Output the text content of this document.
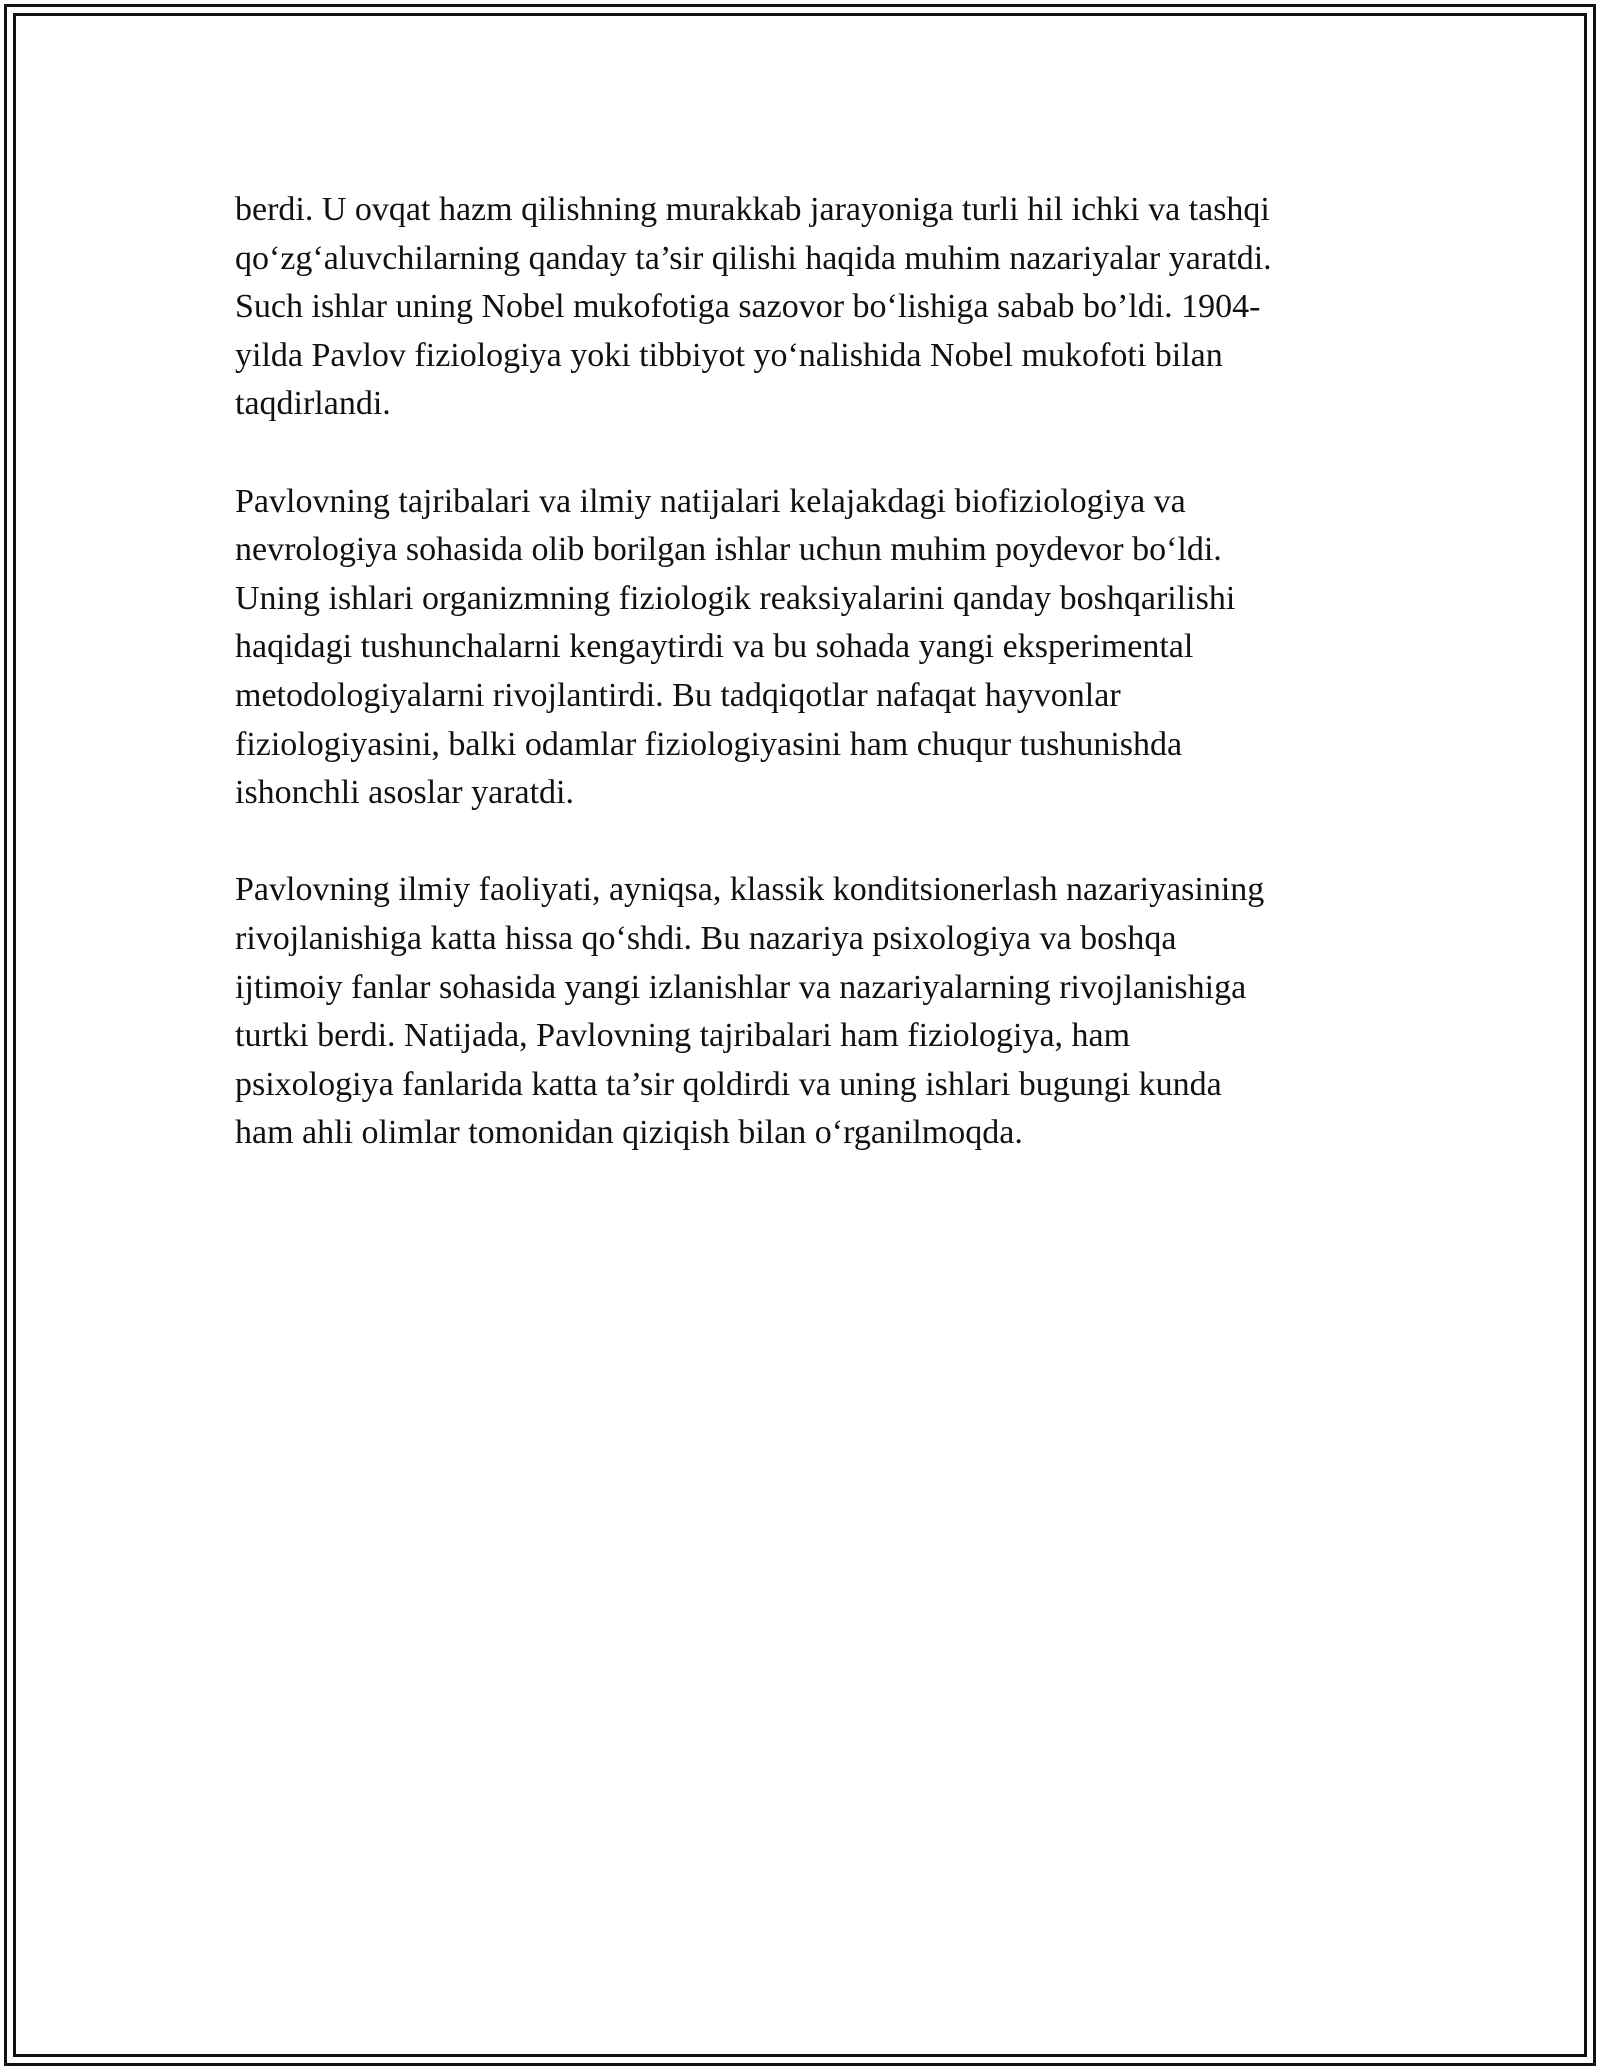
berdi. U ovqat hazm qilishning murakkab jarayoniga turli hil ichki va tashqi
qo‘zg‘aluvchilarning qanday ta’sir qilishi haqida muhim nazariyalar yaratdi.
Such ishlar uning Nobel mukofotiga sazovor bo‘lishiga sabab bo’ldi. 1904-
yilda Pavlov fiziologiya yoki tibbiyot yo‘nalishida Nobel mukofoti bilan
taqdirlandi.

Pavlovning tajribalari va ilmiy natijalari kelajakdagi biofiziologiya va
nevrologiya sohasida olib borilgan ishlar uchun muhim poydevor bo‘ldi.
Uning ishlari organizmning fiziologik reaksiyalarini qanday boshqarilishi
haqidagi tushunchalarni kengaytirdi va bu sohada yangi eksperimental
metodologiyalarni rivojlantirdi. Bu tadqiqotlar nafaqat hayvonlar
fiziologiyasini, balki odamlar fiziologiyasini ham chuqur tushunishda
ishonchli asoslar yaratdi.

Pavlovning ilmiy faoliyati, ayniqsa, klassik konditsionerlash nazariyasining
rivojlanishiga katta hissa qo‘shdi. Bu nazariya psixologiya va boshqa
ijtimoiy fanlar sohasida yangi izlanishlar va nazariyalarning rivojlanishiga
turtki berdi. Natijada, Pavlovning tajribalari ham fiziologiya, ham
psixologiya fanlarida katta ta’sir qoldirdi va uning ishlari bugungi kunda
ham ahli olimlar tomonidan qiziqish bilan o‘rganilmoqda.
